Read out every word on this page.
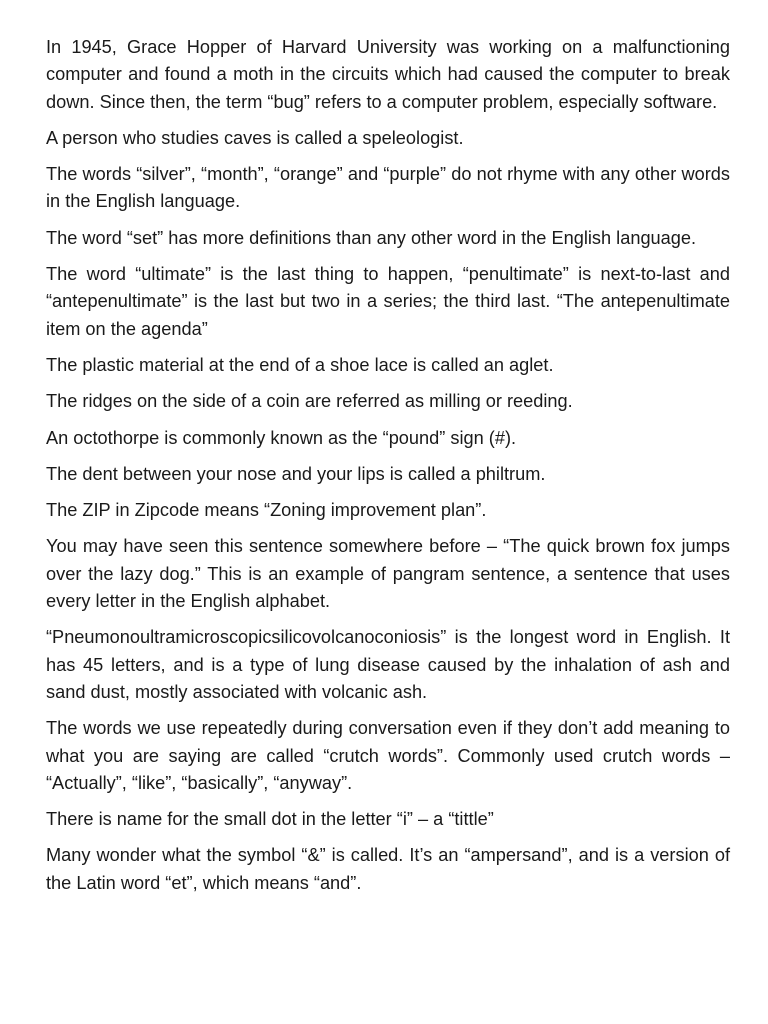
In 1945, Grace Hopper of Harvard University was working on a malfunctioning computer and found a moth in the circuits which had caused the computer to break down. Since then, the term “bug” refers to a computer problem, especially software.

A person who studies caves is called a speleologist.

The words “silver”, “month”, “orange” and “purple” do not rhyme with any other words in the English language.

The word “set” has more definitions than any other word in the English language.

The word “ultimate” is the last thing to happen, “penultimate” is next-to-last and “antepenultimate” is the last but two in a series; the third last. “The antepenultimate item on the agenda”

The plastic material at the end of a shoe lace is called an aglet.

The ridges on the side of a coin are referred as milling or reeding.

An octothorpe is commonly known as the “pound” sign (#).

The dent between your nose and your lips is called a philtrum.

The ZIP in Zipcode means “Zoning improvement plan”.

You may have seen this sentence somewhere before – “The quick brown fox jumps over the lazy dog.” This is an example of pangram sentence, a sentence that uses every letter in the English alphabet.

“Pneumonoultramicroscopicsilicovolcanoconiosis” is the longest word in English. It has 45 letters, and is a type of lung disease caused by the inhalation of ash and sand dust, mostly associated with volcanic ash.

The words we use repeatedly during conversation even if they don’t add meaning to what you are saying are called “crutch words”. Commonly used crutch words – “Actually”, “like”, “basically”, “anyway”.

There is name for the small dot in the letter “i” – a “tittle”

Many wonder what the symbol “&” is called. It’s an “ampersand”, and is a version of the Latin word “et”, which means “and”.
